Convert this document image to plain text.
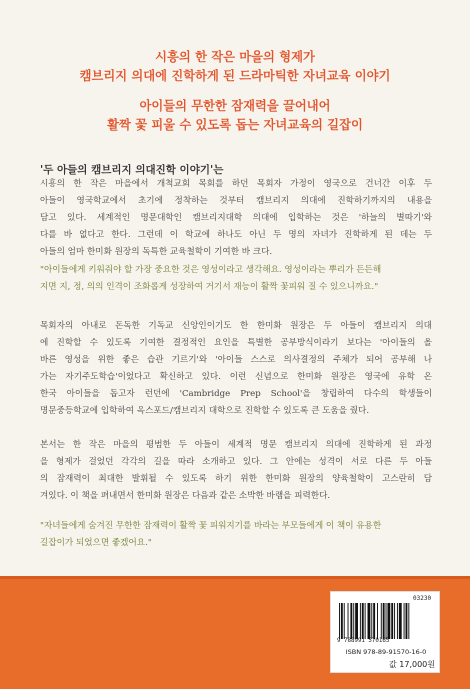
시흥의 한 작은 마을의 형제가
캠브리지 의대에 진학하게 된 드라마틱한 자녀교육 이야기
아이들의 무한한 잠재력을 끌어내어
활짝 꽃 피울 수 있도록 돕는 자녀교육의 길잡이
'두 아들의 캠브리지 의대진학 이야기'는
시흥의 한 작은 마을에서 개척교회 목회를 하던 목회자 가정이 영국으로 건너간 이후 두
아들이 영국학교에서 초기에 정착하는 것부터 캠브리지 의대에 진학하기까지의 내용을
담고 있다. 세계적인 명문대학인 캠브리지대학 의대에 입학하는 것은 '하늘의 별따기'와
다를 바 없다고 한다. 그런데 이 학교에 하나도 아닌 두 명의 자녀가 진학하게 된 데는 두
아들의 엄마 한미화 원장의 독특한 교육철학이 기여한 바 크다.
"아이들에게 키워줘야 할 가장 중요한 것은 영성이라고 생각해요. 영성이라는 뿌리가 든든해
지면 지, 정, 의의 인격이 조화롭게 성장하여 거기서 재능이 활짝 꽃피워 질 수 있으니까요."
목회자의 아내로 돈독한 기독교 신앙인이기도 한 한미화 원장은 두 아들이 캠브리지 의대
에 진학할 수 있도록 기여한 결정적인 요인을 특별한 공부방식이라기 보다는 '아이들의 올
바른 영성을 위한 좋은 습관 기르기'와 '아이들 스스로 의사결정의 주체가 되어 공부해 나
가는 자기주도학습'이었다고 확신하고 있다. 이런 신념으로 한미화 원장은 영국에 유학 온
한국 아이들을 돕고자 런던에 'Cambridge Prep School'을 창립하여 다수의 학생들이
명문중등학교에 입학하여 옥스포드/캠브리지 대학으로 진학할 수 있도록 큰 도움을 줬다.
본서는 한 작은 마을의 평범한 두 아들이 세계적 명문 캠브리지 의대에 진학하게 된 과정
을 형제가 걸었던 각각의 길을 따라 소개하고 있다. 그 안에는 성격이 서로 다른 두 아들
의 잠재력이 최대한 발휘될 수 있도록 하기 위한 한미화 원장의 양육철학이 고스란히 담
겨있다. 이 책을 펴내면서 한미화 원장은 다음과 같은 소박한 바램을 피력한다.
"자녀들에게 숨겨진 무한한 잠재력이 활짝 꽃 피워지기를 바라는 부모들에게 이 책이 유용한
길잡이가 되었으면 좋겠어요."
03230
9 788991 570165
ISBN 978-89-91570-16-0
값 17,000원
